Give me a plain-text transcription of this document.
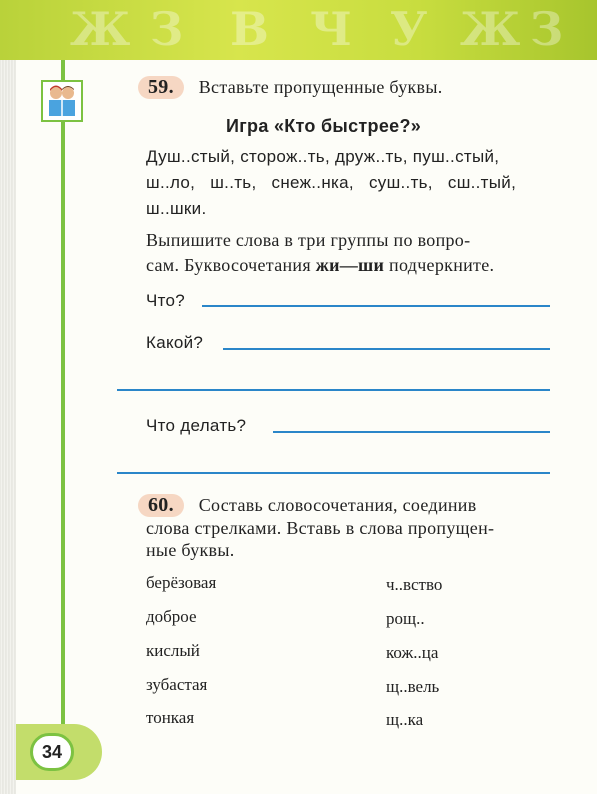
Ж З В Ч У Ж З
59. Вставьте пропущенные буквы.
Игра «Кто быстрее?»
Душ..стый, сторож..ть, друж..ть, пуш..стый,
ш..ло,   ш..ть,   снеж..нка,   суш..ть,   сш..тый,
ш..шки.
Выпишите слова в три группы по вопро-
сам. Буквосочетания жи—ши подчеркните.
Что?
Какой?
Что делать?
60. Составь словосочетания, соединив
слова стрелками. Вставь в слова пропущен-
ные буквы.
берёзовая
доброе
кислый
зубастая
тонкая
ч..вство
рощ..
кож..ца
щ..вель
щ..ка
34
